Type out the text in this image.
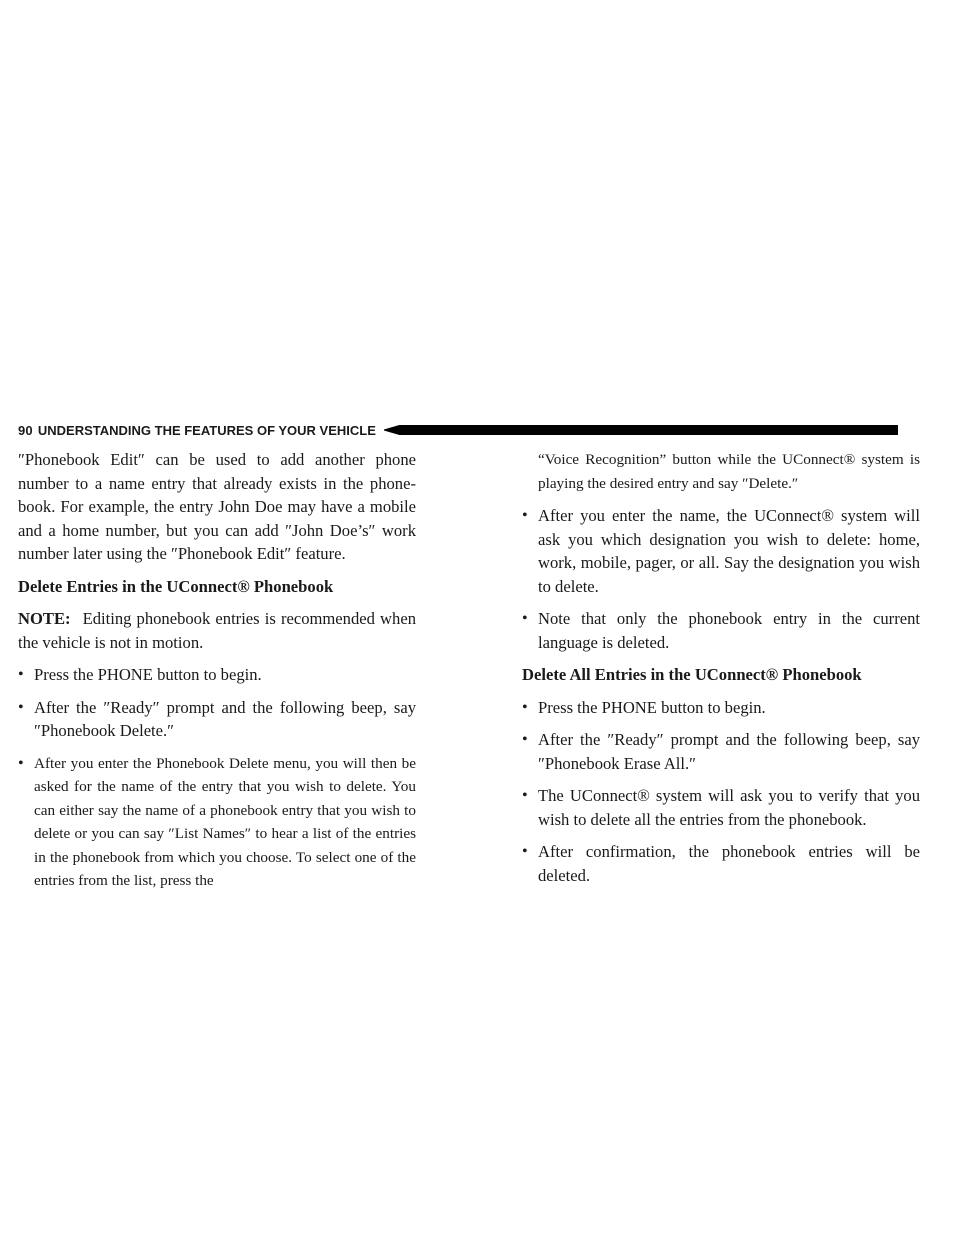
90 UNDERSTANDING THE FEATURES OF YOUR VEHICLE

″Phonebook Edit″ can be used to add another phone number to a name entry that already exists in the phone-book. For example, the entry John Doe may have a mobile and a home number, but you can add ″John Doe’s″ work number later using the ″Phonebook Edit″ feature.

Delete Entries in the UConnect® Phonebook

NOTE: Editing phonebook entries is recommended when the vehicle is not in motion.

• Press the PHONE button to begin.
• After the ″Ready″ prompt and the following beep, say ″Phonebook Delete.″
• After you enter the Phonebook Delete menu, you will then be asked for the name of the entry that you wish to delete. You can either say the name of a phonebook entry that you wish to delete or you can say ″List Names″ to hear a list of the entries in the phonebook from which you choose. To select one of the entries from the list, press the

“Voice Recognition” button while the UConnect® system is playing the desired entry and say ″Delete.″

• After you enter the name, the UConnect® system will ask you which designation you wish to delete: home, work, mobile, pager, or all. Say the designation you wish to delete.
• Note that only the phonebook entry in the current language is deleted.
Delete All Entries in the UConnect® Phonebook
• Press the PHONE button to begin.
• After the ″Ready″ prompt and the following beep, say ″Phonebook Erase All.″
• The UConnect® system will ask you to verify that you wish to delete all the entries from the phonebook.
• After confirmation, the phonebook entries will be deleted.
